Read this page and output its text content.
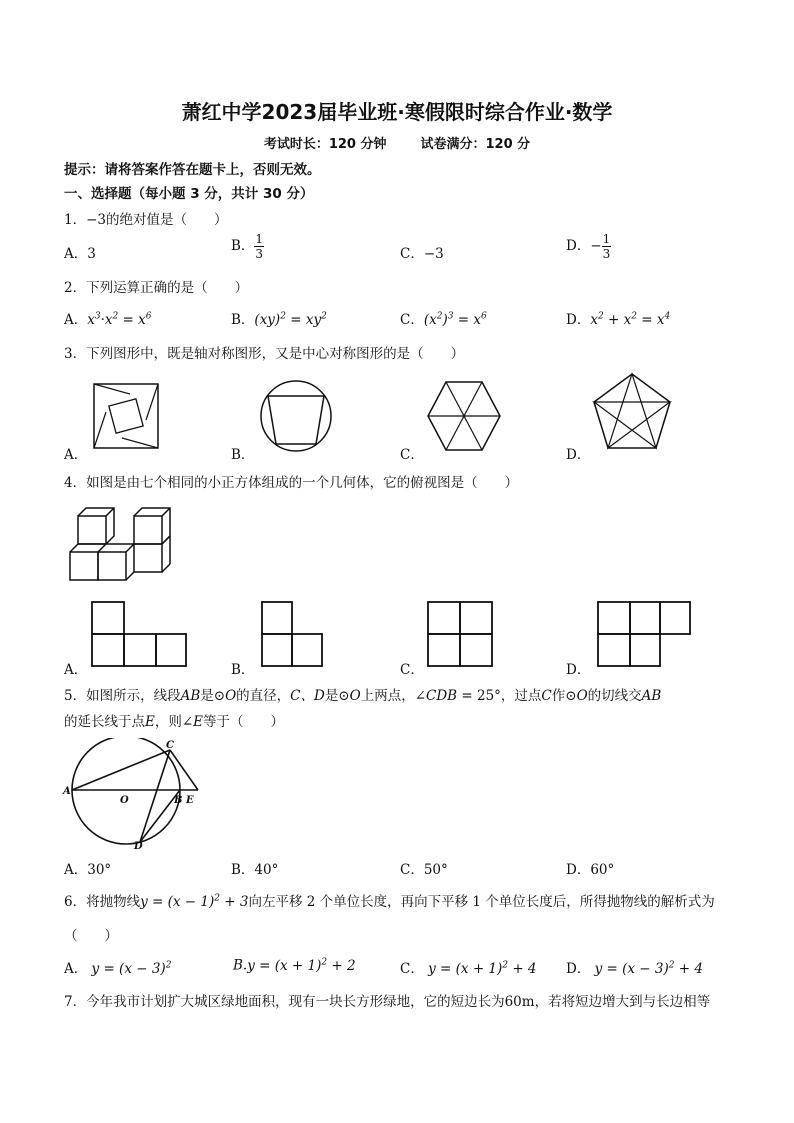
萧红中学2023届毕业班·寒假限时综合作业·数学
考试时长：120 分钟	试卷满分：120 分
提示：请将答案作答在题卡上，否则无效。
一、选择题（每小题 3 分，共计 30 分）
1．−3的绝对值是（　　）
A．3	B． $\frac{1}{3}$	C．−3	D．− $\frac{1}{3}$
2．下列运算正确的是（　　）
A．$x^3\cdot x^2 = x^6$	B．$(xy)^2 = xy^2$	C．$(x^2)^3 = x^6$	D．$x^2 + x^2 = x^4$
3．下列图形中，既是轴对称图形，又是中心对称图形的是（　　）
A．	B．	C．	D．
4．如图是由七个相同的小正方体组成的一个几何体，它的俯视图是（　　）
A．	B．	C．	D．
5．如图所示，线段AB是⊙O的直径，C、D是⊙O上两点，∠CDB = 25°，过点C作⊙O的切线交AB
的延长线于点E，则∠E等于（　　）
A
O	B E
C
D
A．30°	B．40°	C．50°	D．60°
6．将抛物线$y = (x - 1)^2 + 3$向左平移 2 个单位长度，再向下平移 1 个单位长度后，所得抛物线的解析式为
（　　）
A． $y = (x - 3)^2$	$B.y = (x + 1)^2 + 2$	C． $y = (x + 1)^2 + 4$ D． $y = (x - 3)^2 + 4$
7．今年我市计划扩大城区绿地面积，现有一块长方形绿地，它的短边长为60m，若将短边增大到与长边相等
